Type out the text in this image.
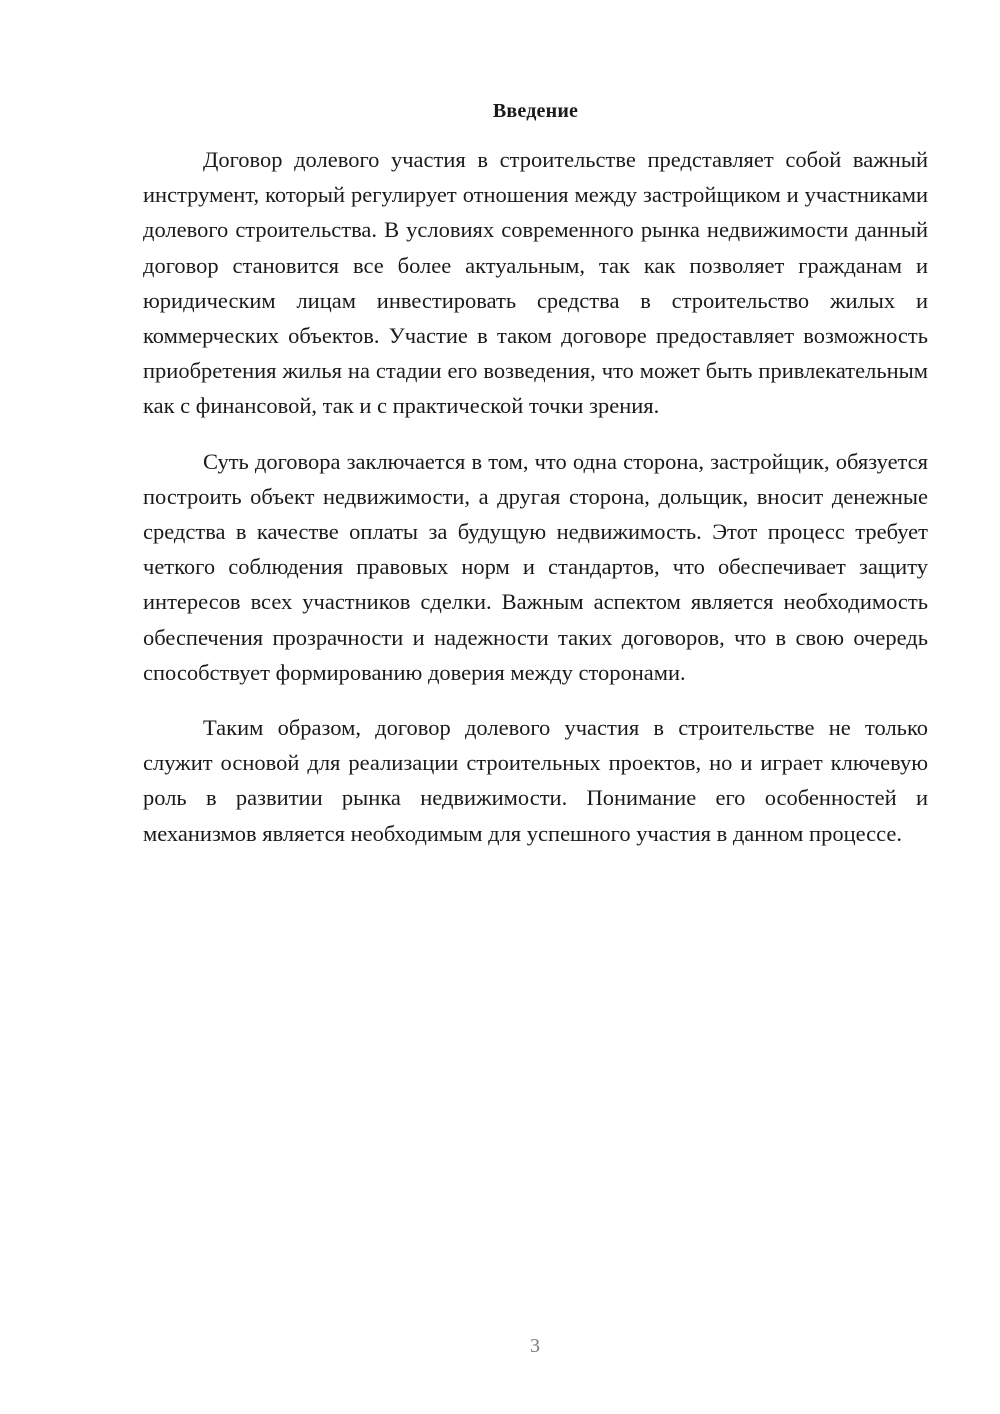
Введение

Договор долевого участия в строительстве представляет собой важный инструмент, который регулирует отношения между застройщиком и участниками долевого строительства. В условиях современного рынка недвижимости данный договор становится все более актуальным, так как позволяет гражданам и юридическим лицам инвестировать средства в строительство жилых и коммерческих объектов. Участие в таком договоре предоставляет возможность приобретения жилья на стадии его возведения, что может быть привлекательным как с финансовой, так и с практической точки зрения.

Суть договора заключается в том, что одна сторона, застройщик, обязуется построить объект недвижимости, а другая сторона, дольщик, вносит денежные средства в качестве оплаты за будущую недвижимость. Этот процесс требует четкого соблюдения правовых норм и стандартов, что обеспечивает защиту интересов всех участников сделки. Важным аспектом является необходимость обеспечения прозрачности и надежности таких договоров, что в свою очередь способствует формированию доверия между сторонами.

Таким образом, договор долевого участия в строительстве не только служит основой для реализации строительных проектов, но и играет ключевую роль в развитии рынка недвижимости. Понимание его особенностей и механизмов является необходимым для успешного участия в данном процессе.

3
